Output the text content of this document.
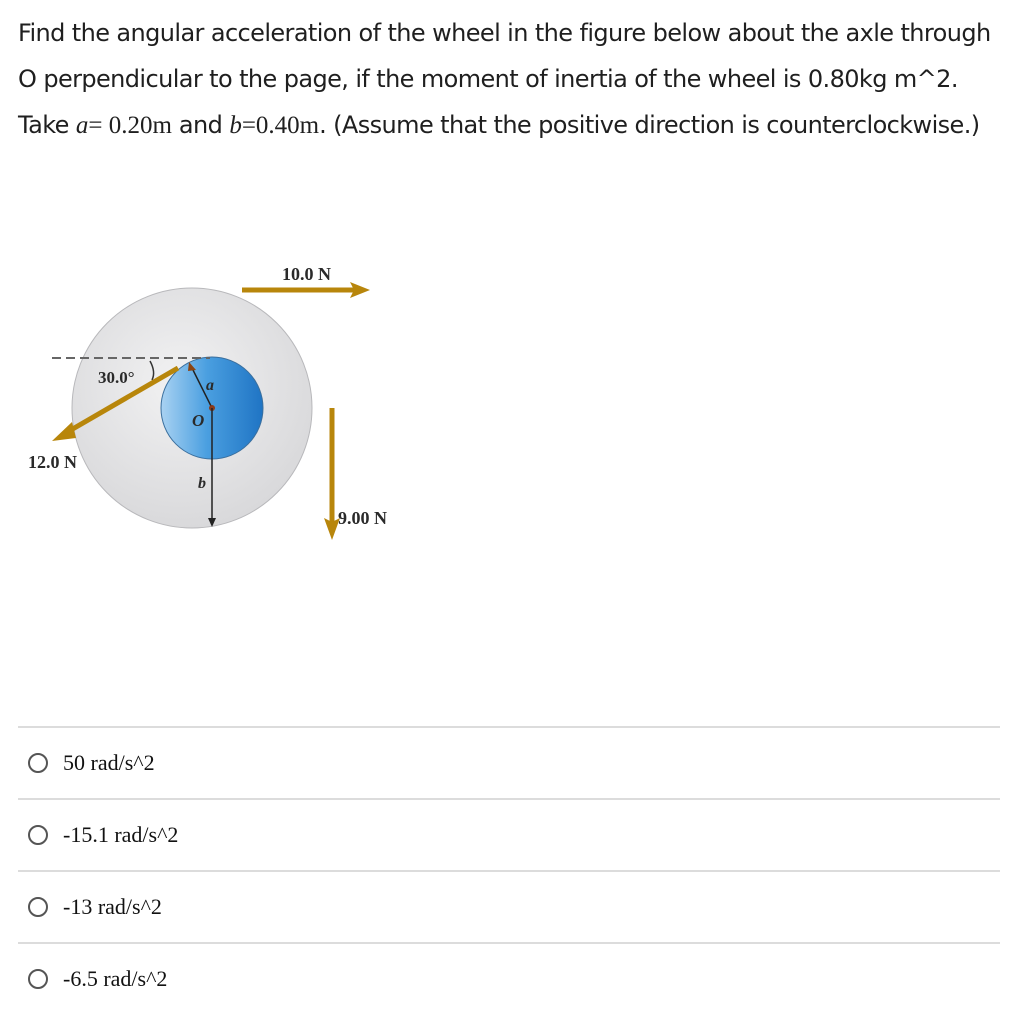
Find the angular acceleration of the wheel in the figure below about the axle through O perpendicular to the page, if the moment of inertia of the wheel is 0.80kg m^2. Take a= 0.20m and b=0.40m. (Assume that the positive direction is counterclockwise.)
10.0 N
12.0 N
9.00 N
30.0°	a
O
b
50 rad/s^2
-15.1 rad/s^2
-13 rad/s^2
-6.5 rad/s^2
